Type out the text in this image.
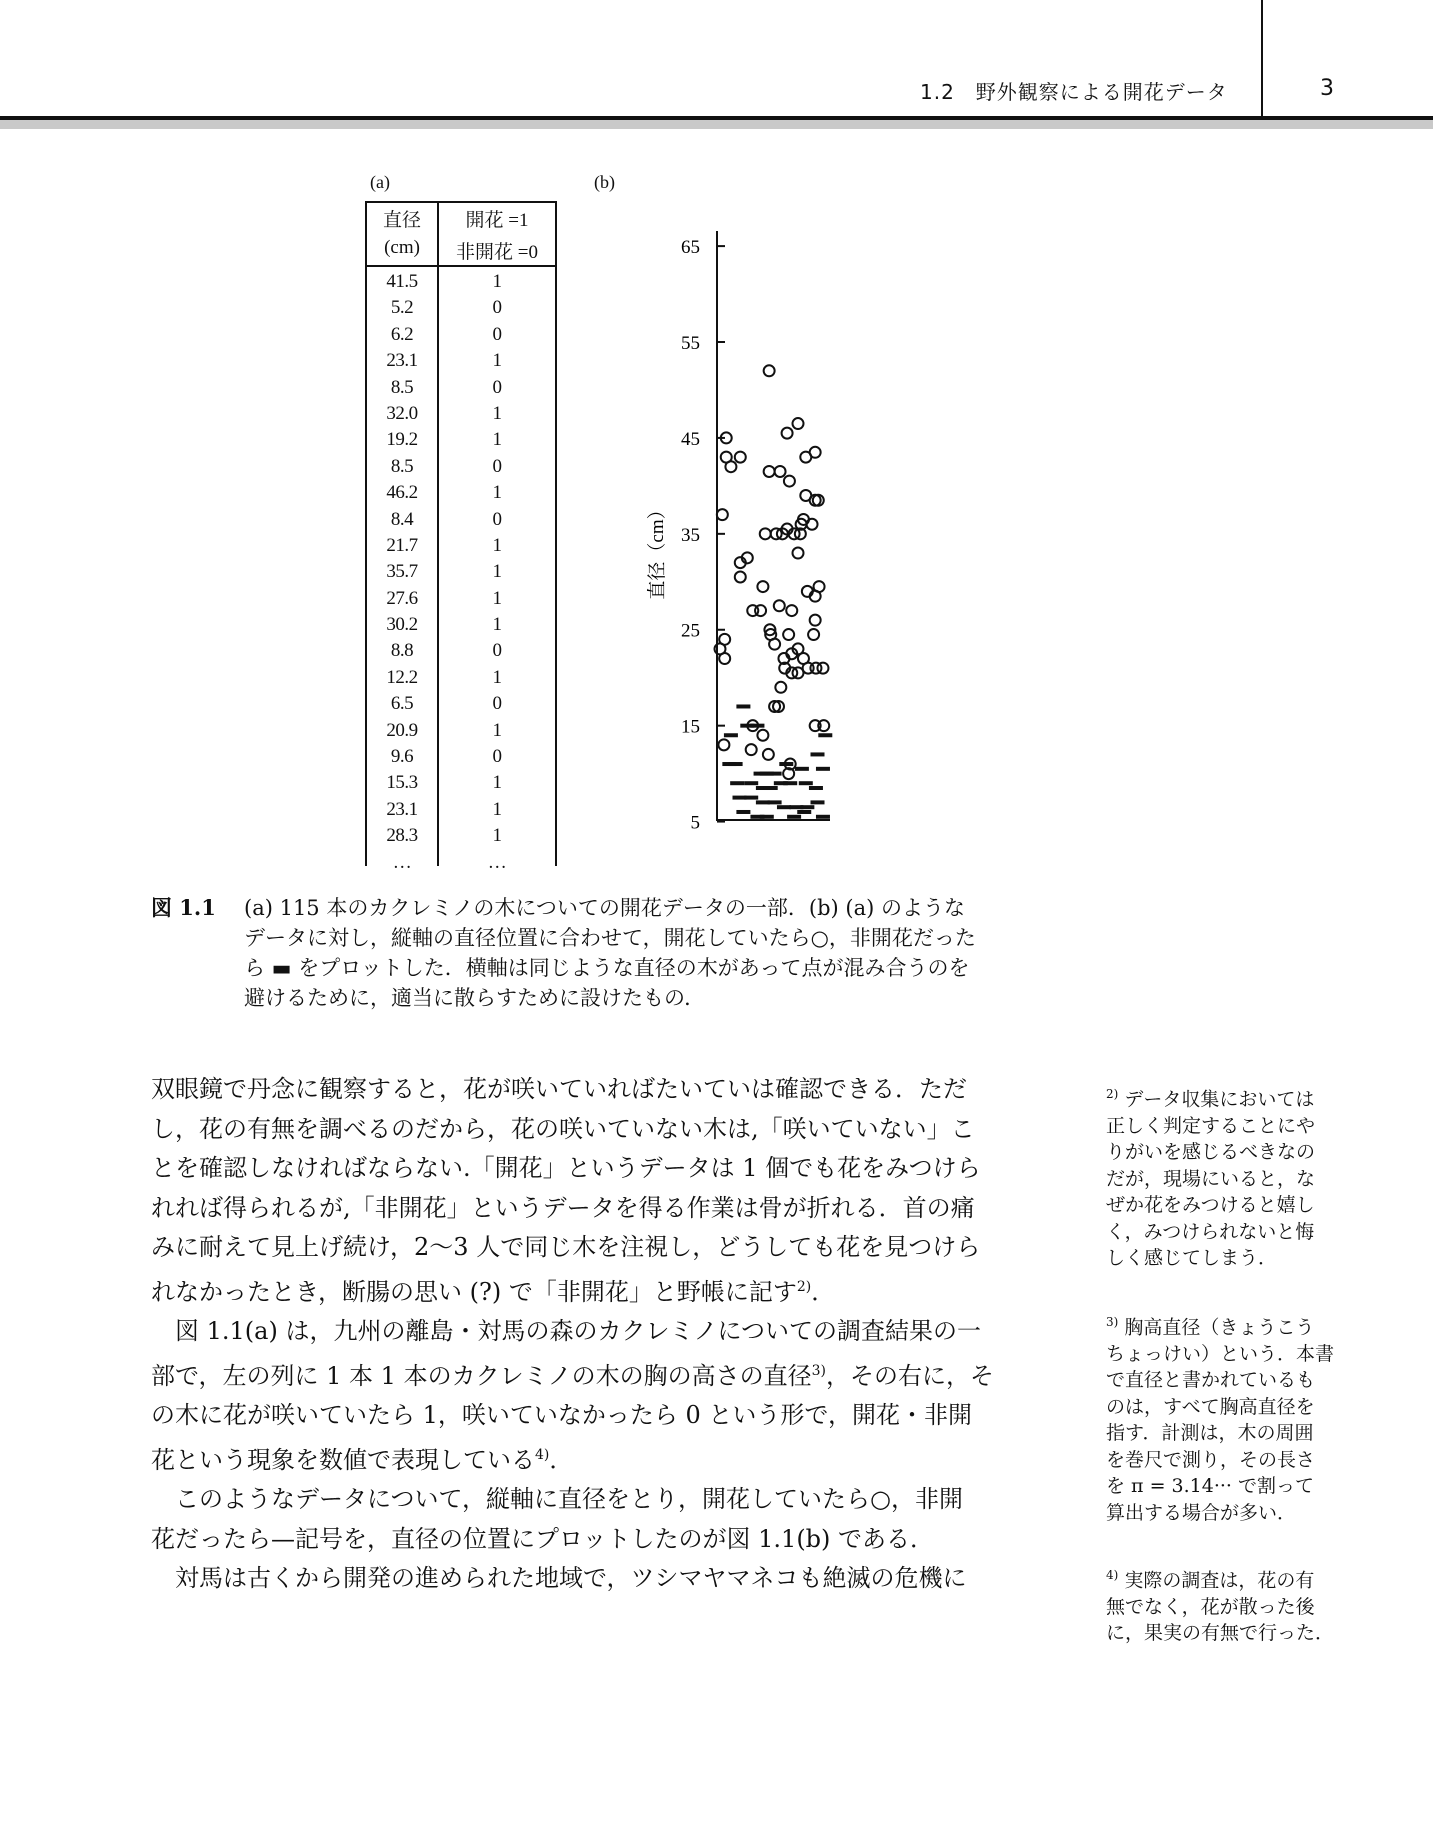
1.2　野外観察による開花データ	3
(a)	(b)
直径
(cm)
開花 =1
非開花 =0
41.5	1
5.2	0
6.2	0
23.1	1
8.5	0
32.0	1
19.2	1
8.5	0
46.2	1
8.4	0
21.7	1
35.7	1
27.6	1
30.2	1
8.8	0
12.2	1
6.5	0
20.9	1
9.6	0
15.3	1
23.1	1
28.3	1
…	…
5
15
25
35
45
55
65
直径（cm）
図 1.1 (a) 115 本のカクレミノの木についての開花データの一部．(b) (a) のような
データに対し，縦軸の直径位置に合わせて，開花していたら○，非開花だった
ら ▬ をプロットした．横軸は同じような直径の木があって点が混み合うのを
避けるために，適当に散らすために設けたもの．
双眼鏡で丹念に観察すると，花が咲いていればたいていは確認できる．ただ
し，花の有無を調べるのだから，花の咲いていない木は,「咲いていない」こ
とを確認しなければならない.「開花」というデータは 1 個でも花をみつけら
れれば得られるが,「非開花」というデータを得る作業は骨が折れる．首の痛
みに耐えて見上げ続け，2～3 人で同じ木を注視し，どうしても花を見つけら
れなかったとき，断腸の思い (?) で「非開花」と野帳に記す$^{2)}$．
　図 1.1(a) は，九州の離島・対馬の森のカクレミノについての調査結果の一
部で，左の列に 1 本 1 本のカクレミノの木の胸の高さの直径$^{3)}$，その右に，そ
の木に花が咲いていたら 1，咲いていなかったら 0 という形で，開花・非開
花という現象を数値で表現している$^{4)}$．
　このようなデータについて，縦軸に直径をとり，開花していたら○，非開
花だったら—記号を，直径の位置にプロットしたのが図 1.1(b) である．
　対馬は古くから開発の進められた地域で，ツシマヤマネコも絶滅の危機に
$^{2)}$ データ収集においては
正しく判定することにや
りがいを感じるべきなの
だが，現場にいると，な
ぜか花をみつけると嬉し
く，みつけられないと悔
しく感じてしまう．
$^{3)}$ 胸高直径（きょうこう
ちょっけい）という．本書
で直径と書かれているも
のは，すべて胸高直径を
指す．計測は，木の周囲
を巻尺で測り，その長さ
を π = 3.14··· で割って
算出する場合が多い．
$^{4)}$ 実際の調査は，花の有
無でなく，花が散った後
に，果実の有無で行った．
